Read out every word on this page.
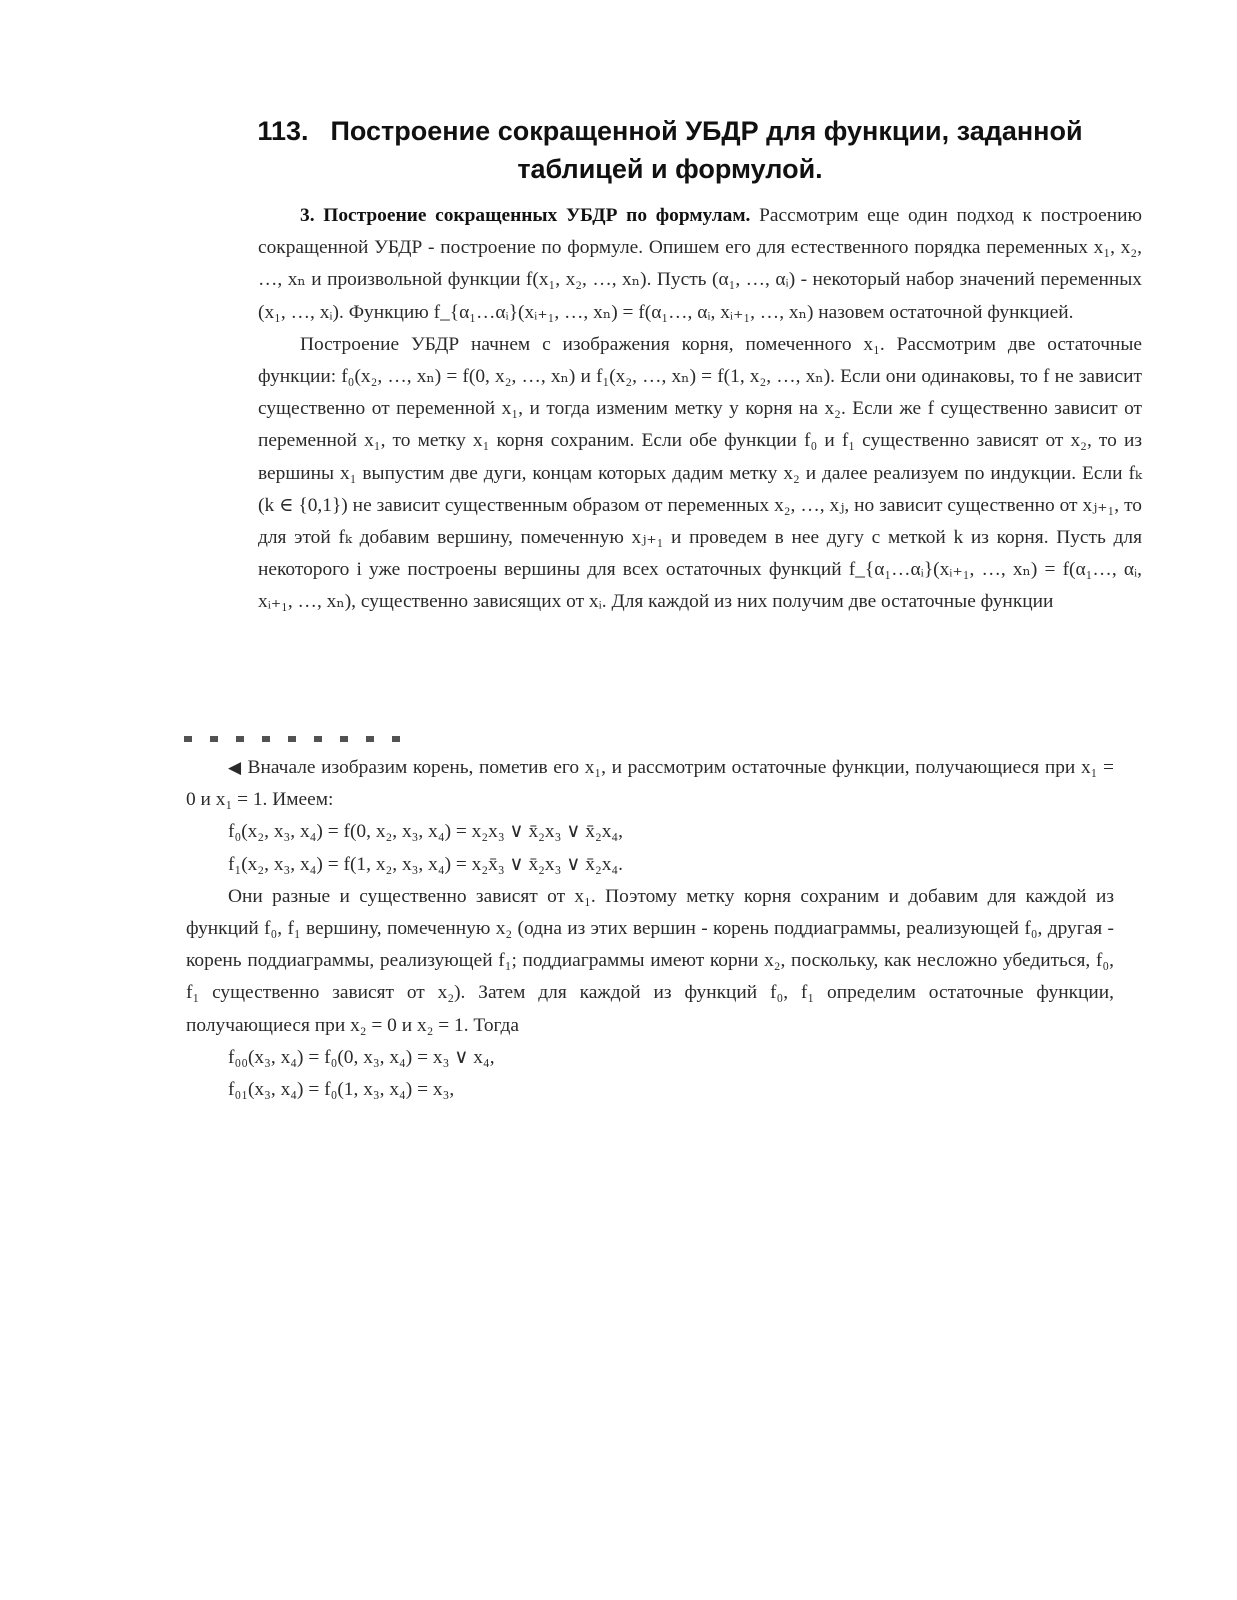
113. Построение сокращенной УБДР для функции, заданной таблицей и формулой.

3. Построение сокращенных УБДР по формулам. Рассмотрим еще один подход к построению сокращенной УБДР - построение по формуле. Опишем его для естественного порядка переменных x₁, x₂, …, xₙ и произвольной функции f(x₁, x₂, …, xₙ). Пусть (α₁, …, αᵢ) - некоторый набор значений переменных (x₁, …, xᵢ). Функцию f_{α₁…αᵢ}(xᵢ₊₁, …, xₙ) = f(α₁…, αᵢ, xᵢ₊₁, …, xₙ) назовем остаточной функцией.

Построение УБДР начнем с изображения корня, помеченного x₁. Рассмотрим две остаточные функции: f₀(x₂, …, xₙ) = f(0, x₂, …, xₙ) и f₁(x₂, …, xₙ) = f(1, x₂, …, xₙ). Если они одинаковы, то f не зависит существенно от переменной x₁, и тогда изменим метку у корня на x₂. Если же f существенно зависит от переменной x₁, то метку x₁ корня сохраним. Если обе функции f₀ и f₁ существенно зависят от x₂, то из вершины x₁ выпустим две дуги, концам которых дадим метку x₂ и далее реализуем по индукции. Если fₖ (k ∈ {0,1}) не зависит существенным образом от переменных x₂, …, xⱼ, но зависит существенно от xⱼ₊₁, то для этой fₖ добавим вершину, помеченную xⱼ₊₁ и проведем в нее дугу с меткой k из корня. Пусть для некоторого i уже построены вершины для всех остаточных функций f_{α₁…αᵢ}(xᵢ₊₁, …, xₙ) = f(α₁…, αᵢ, xᵢ₊₁, …, xₙ), существенно зависящих от xᵢ. Для каждой из них получим две остаточные функции

◀ Вначале изобразим корень, пометив его x₁, и рассмотрим остаточные функции, получающиеся при x₁ = 0 и x₁ = 1. Имеем:

f₀(x₂, x₃, x₄) = f(0, x₂, x₃, x₄) = x₂x₃ ∨ x̄₂x₃ ∨ x̄₂x₄,

f₁(x₂, x₃, x₄) = f(1, x₂, x₃, x₄) = x₂x̄₃ ∨ x̄₂x₃ ∨ x̄₂x₄.

Они разные и существенно зависят от x₁. Поэтому метку корня сохраним и добавим для каждой из функций f₀, f₁ вершину, помеченную x₂ (одна из этих вершин - корень поддиаграммы, реализующей f₀, другая - корень поддиаграммы, реализующей f₁; поддиаграммы имеют корни x₂, поскольку, как несложно убедиться, f₀, f₁ существенно зависят от x₂). Затем для каждой из функций f₀, f₁ определим остаточные функции, получающиеся при x₂ = 0 и x₂ = 1. Тогда

f₀₀(x₃, x₄) = f₀(0, x₃, x₄) = x₃ ∨ x₄,

f₀₁(x₃, x₄) = f₀(1, x₃, x₄) = x₃,
